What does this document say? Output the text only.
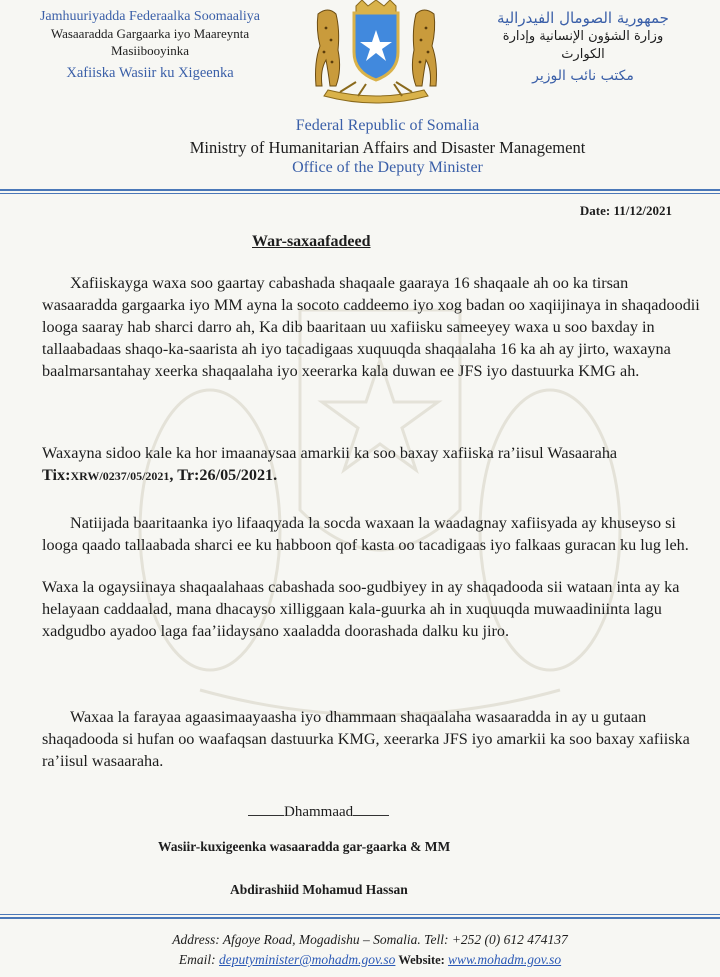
Jamhuuriyadda Federaalka Soomaaliya
Wasaaradda Gargaarka iyo Maareynta
Masiibooyinka
Xafiiska Wasiir ku Xigeenka
جمهورية الصومال الفيدرالية
وزارة الشؤون الإنسانية وإدارة
الكوارث
مكتب نائب الوزير
Federal Republic of Somalia
Ministry of Humanitarian Affairs and Disaster Management
Office of the Deputy Minister
Date: 11/12/2021
War-saxaafadeed
Xafiiskayga waxa soo gaartay cabashada shaqaale gaaraya 16 shaqaale ah oo ka tirsan wasaaradda gargaarka iyo MM ayna la socoto caddeemo iyo xog badan oo xaqiijinaya in shaqadoodii looga saaray hab sharci darro ah, Ka dib baaritaan uu xafiisku sameeyey waxa u soo baxday in tallaabadaas shaqo-ka-saarista ah iyo tacadigaas xuquuqda shaqaalaha 16 ka ah ay jirto, waxayna baalmarsantahay xeerka shaqaalaha iyo xeerarka kala duwan ee JFS iyo dastuurka KMG ah.
Waxayna sidoo kale ka hor imaanaysaa amarkii ka soo baxay xafiiska ra’iisul Wasaaraha Tix:XRW/0237/05/2021, Tr:26/05/2021.
Natiijada baaritaanka iyo lifaaqyada la socda waxaan la waadagnay xafiisyada ay khuseyso si looga qaado tallaabada sharci ee ku habboon qof kasta oo tacadigaas iyo falkaas guracan ku lug leh.
Waxa la ogaysiinaya shaqaalahaas cabashada soo-gudbiyey in ay shaqadooda sii wataan inta ay ka helayaan caddaalad, mana dhacayso xilliggaan kala-guurka ah in xuquuqda muwaadiniinta lagu xadgudbo ayadoo laga faa’iidaysano xaaladda doorashada dalku ku jiro.
Waxaa la farayaa agaasimaayaasha iyo dhammaan shaqaalaha wasaaradda in ay u gutaan shaqadooda si hufan oo waafaqsan dastuurka KMG, xeerarka JFS iyo amarkii ka soo baxay xafiiska ra’iisul wasaaraha.
Dhammaad
Wasiir-kuxigeenka wasaaradda gar-gaarka & MM
Abdirashiid Mohamud Hassan
Address: Afgoye Road, Mogadishu – Somalia. Tell: +252 (0) 612 474137
Email: deputyminister@mohadm.gov.so Website: www.mohadm.gov.so
